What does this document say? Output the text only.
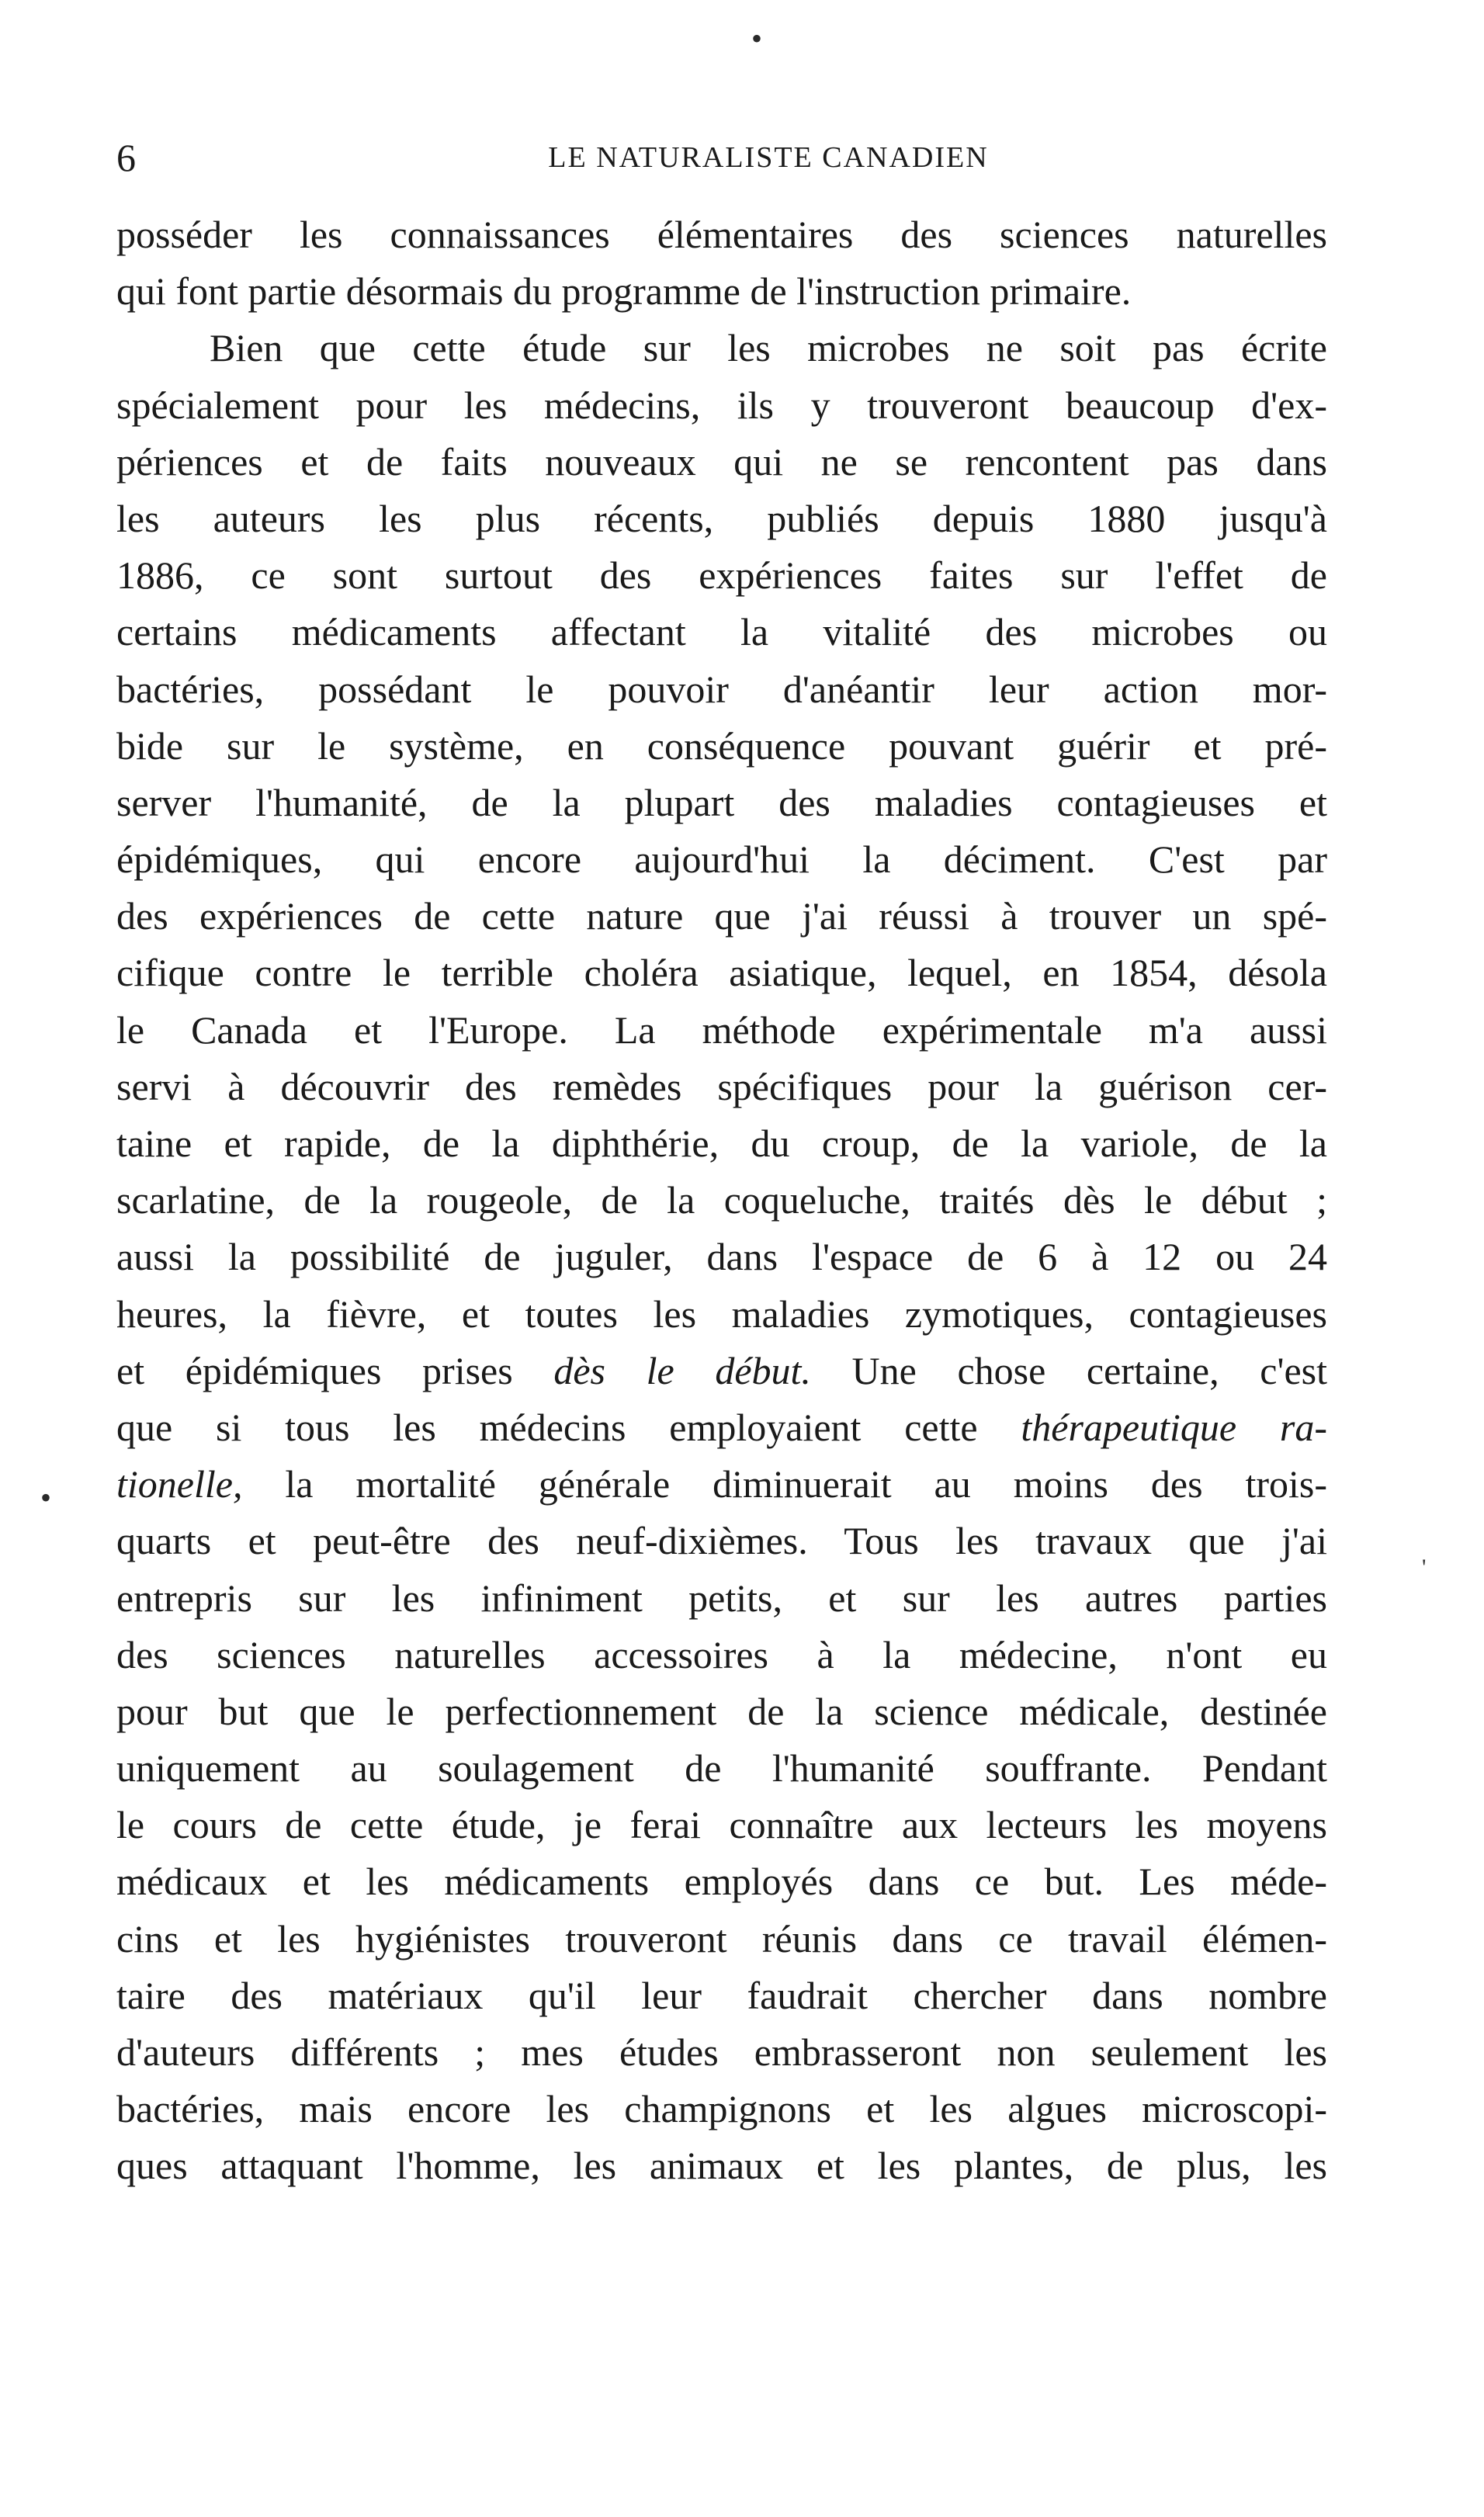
6	LE NATURALISTE CANADIEN
posséder les connaissances élémentaires des sciences naturelles
qui font partie désormais du programme de l'instruction primaire.
Bien que cette étude sur les microbes ne soit pas écrite
spécialement pour les médecins, ils y trouveront beaucoup d'ex-
périences et de faits nouveaux qui ne se rencontent pas dans
les auteurs les plus récents, publiés depuis 1880 jusqu'à
1886, ce sont surtout des expériences faites sur l'effet de
certains médicaments affectant la vitalité des microbes ou
bactéries, possédant le pouvoir d'anéantir leur action mor-
bide sur le système, en conséquence pouvant guérir et pré-
server l'humanité, de la plupart des maladies contagieuses et
épidémiques, qui encore aujourd'hui la déciment. C'est par
des expériences de cette nature que j'ai réussi à trouver un spé-
cifique contre le terrible choléra asiatique, lequel, en 1854, désola
le Canada et l'Europe. La méthode expérimentale m'a aussi
servi à découvrir des remèdes spécifiques pour la guérison cer-
taine et rapide, de la diphthérie, du croup, de la variole, de la
scarlatine, de la rougeole, de la coqueluche, traités dès le début ;
aussi la possibilité de juguler, dans l'espace de 6 à 12 ou 24
heures, la fièvre, et toutes les maladies zymotiques, contagieuses
et épidémiques prises dès le début. Une chose certaine, c'est
que si tous les médecins employaient cette thérapeutique ra-
tionelle, la mortalité générale diminuerait au moins des trois-
quarts et peut-être des neuf-dixièmes. Tous les travaux que j'ai
entrepris sur les infiniment petits, et sur les autres parties
des sciences naturelles accessoires à la médecine, n'ont eu
pour but que le perfectionnement de la science médicale, destinée
uniquement au soulagement de l'humanité souffrante. Pendant
le cours de cette étude, je ferai connaître aux lecteurs les moyens
médicaux et les médicaments employés dans ce but. Les méde-
cins et les hygiénistes trouveront réunis dans ce travail élémen-
taire des matériaux qu'il leur faudrait chercher dans nombre
d'auteurs différents ; mes études embrasseront non seulement les
bactéries, mais encore les champignons et les algues microscopi-
ques attaquant l'homme, les animaux et les plantes, de plus, les
•
•
'
